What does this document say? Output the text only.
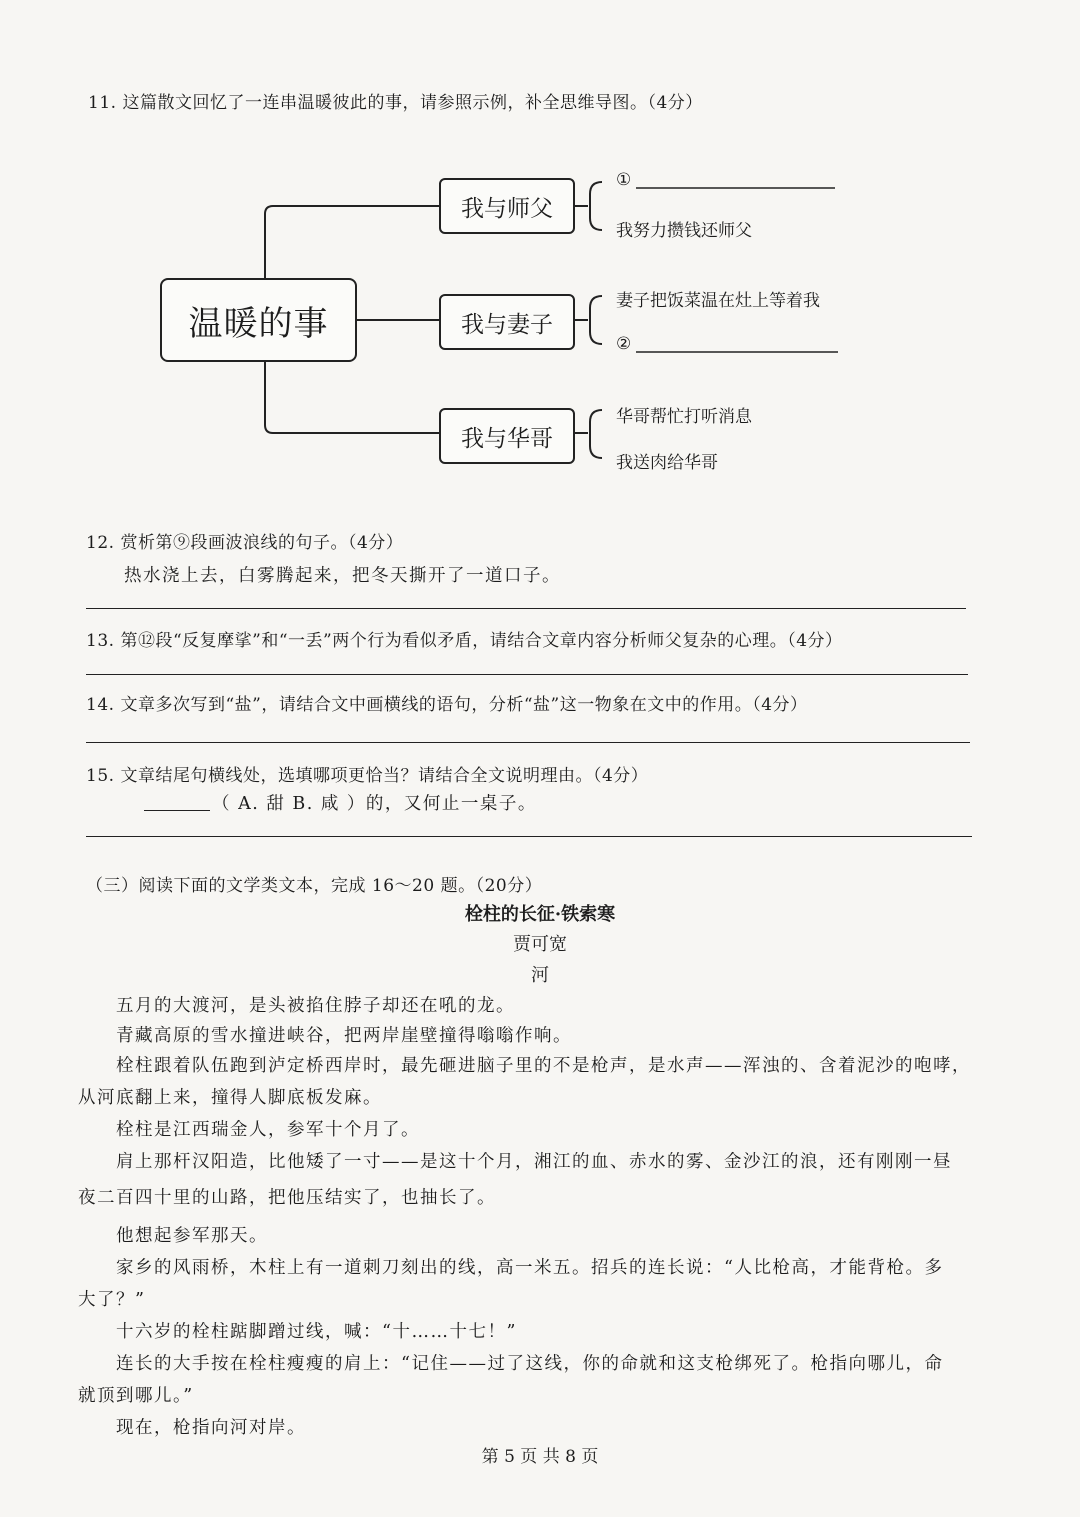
11. 这篇散文回忆了一连串温暖彼此的事，请参照示例，补全思维导图。（4分）
温暖的事
我与师父
我与妻子
我与华哥
①
我努力攒钱还师父
妻子把饭菜温在灶上等着我
②
华哥帮忙打听消息
我送肉给华哥
12. 赏析第⑨段画波浪线的句子。（4分）
热水浇上去，白雾腾起来，把冬天撕开了一道口子。
13. 第⑫段“反复摩挲”和“一丢”两个行为看似矛盾，请结合文章内容分析师父复杂的心理。（4分）
14. 文章多次写到“盐”，请结合文中画横线的语句，分析“盐”这一物象在文中的作用。（4分）
15. 文章结尾句横线处，选填哪项更恰当？请结合全文说明理由。（4分）
（ A. 甜 B. 咸 ）的，又何止一桌子。
（三）阅读下面的文学类文本，完成 16～20 题。（20分）
栓柱的长征·铁索寒
贾可宽
河
五月的大渡河，是头被掐住脖子却还在吼的龙。
青藏高原的雪水撞进峡谷，把两岸崖壁撞得嗡嗡作响。
栓柱跟着队伍跑到泸定桥西岸时，最先砸进脑子里的不是枪声，是水声——浑浊的、含着泥沙的咆哮，
从河底翻上来，撞得人脚底板发麻。
栓柱是江西瑞金人，参军十个月了。
肩上那杆汉阳造，比他矮了一寸——是这十个月，湘江的血、赤水的雾、金沙江的浪，还有刚刚一昼
夜二百四十里的山路，把他压结实了，也抽长了。
他想起参军那天。
家乡的风雨桥，木柱上有一道刺刀刻出的线，高一米五。招兵的连长说：“人比枪高，才能背枪。多
大了？”
十六岁的栓柱踮脚蹭过线，喊：“十……十七！”
连长的大手按在栓柱瘦瘦的肩上：“记住——过了这线，你的命就和这支枪绑死了。枪指向哪儿，命
就顶到哪儿。”
现在，枪指向河对岸。
第 5 页 共 8 页
